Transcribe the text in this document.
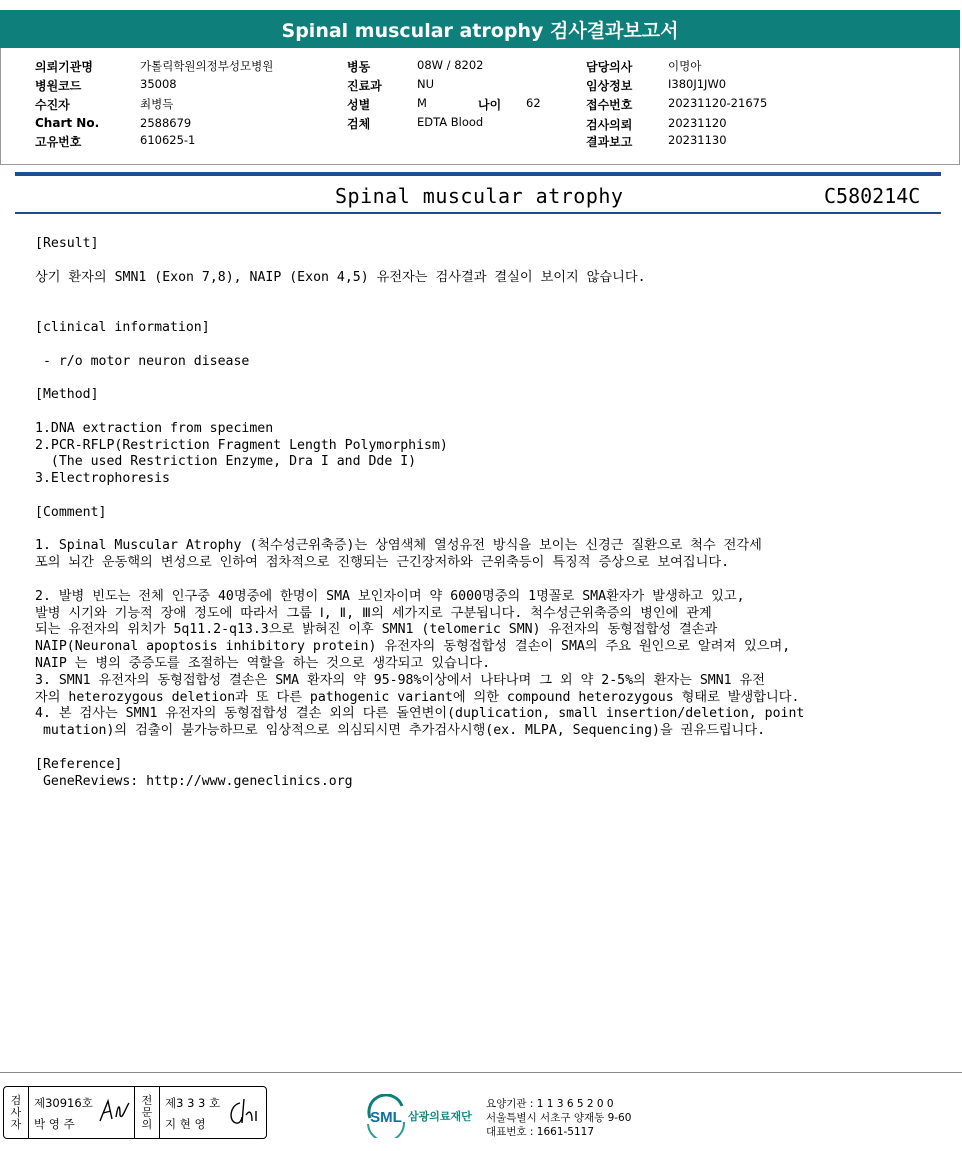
Spinal muscular atrophy 검사결과보고서
의뢰기관명	가톨릭학원의정부성모병원
병원코드	35008
수진자	최병득
Chart No.	2588679
고유번호	610625-1
병동	08W / 8202
진료과	NU
성별	M	나이 62
검체	EDTA Blood
담당의사	이명아
임상정보	I380J1JW0
접수번호	20231120-21675
검사의뢰	20231120
결과보고	20231130
Spinal muscular atrophy	C580214C
[Result]
상기 환자의 SMN1 (Exon 7,8), NAIP (Exon 4,5) 유전자는 검사결과 결실이 보이지 않습니다.
[clinical information]
- r/o motor neuron disease
[Method]
1.DNA extraction from specimen
2.PCR-RFLP(Restriction Fragment Length Polymorphism)
(The used Restriction Enzyme, Dra I and Dde I)
3.Electrophoresis
[Comment]
1. Spinal Muscular Atrophy (척수성근위축증)는 상염색체 열성유전 방식을 보이는 신경근 질환으로 척수 전각세
포의 뇌간 운동핵의 변성으로 인하여 점차적으로 진행되는 근긴장저하와 근위축등이 특징적 증상으로 보여집니다.
2. 발병 빈도는 전체 인구중 40명중에 한명이 SMA 보인자이며 약 6000명중의 1명꼴로 SMA환자가 발생하고 있고,
발병 시기와 기능적 장애 정도에 따라서 그룹 Ⅰ, Ⅱ, Ⅲ의 세가지로 구분됩니다. 척수성근위축증의 병인에 관계
되는 유전자의 위치가 5q11.2-q13.3으로 밝혀진 이후 SMN1 (telomeric SMN) 유전자의 동형접합성 결손과
NAIP(Neuronal apoptosis inhibitory protein) 유전자의 동형접합성 결손이 SMA의 주요 원인으로 알려져 있으며,
NAIP 는 병의 중증도를 조절하는 역할을 하는 것으로 생각되고 있습니다.
3. SMN1 유전자의 동형접합성 결손은 SMA 환자의 약 95-98%이상에서 나타나며 그 외 약 2-5%의 환자는 SMN1 유전
자의 heterozygous deletion과 또 다른 pathogenic variant에 의한 compound heterozygous 형태로 발생합니다.
4. 본 검사는 SMN1 유전자의 동형접합성 결손 외의 다른 돌연변이(duplication, small insertion/deletion, point
mutation)의 검출이 불가능하므로 임상적으로 의심되시면 추가검사시행(ex. MLPA, Sequencing)을 권유드립니다.
[Reference]
GeneReviews: http://www.geneclinics.org
검
사
자
제30916호
박 영 주
전
문
의
제3 3 3 호
지 현 영	SML 삼광의료재단
요양기관 : 1 1 3 6 5 2 0 0
서울특별시 서초구 양재동 9-60
대표번호 : 1661-5117
